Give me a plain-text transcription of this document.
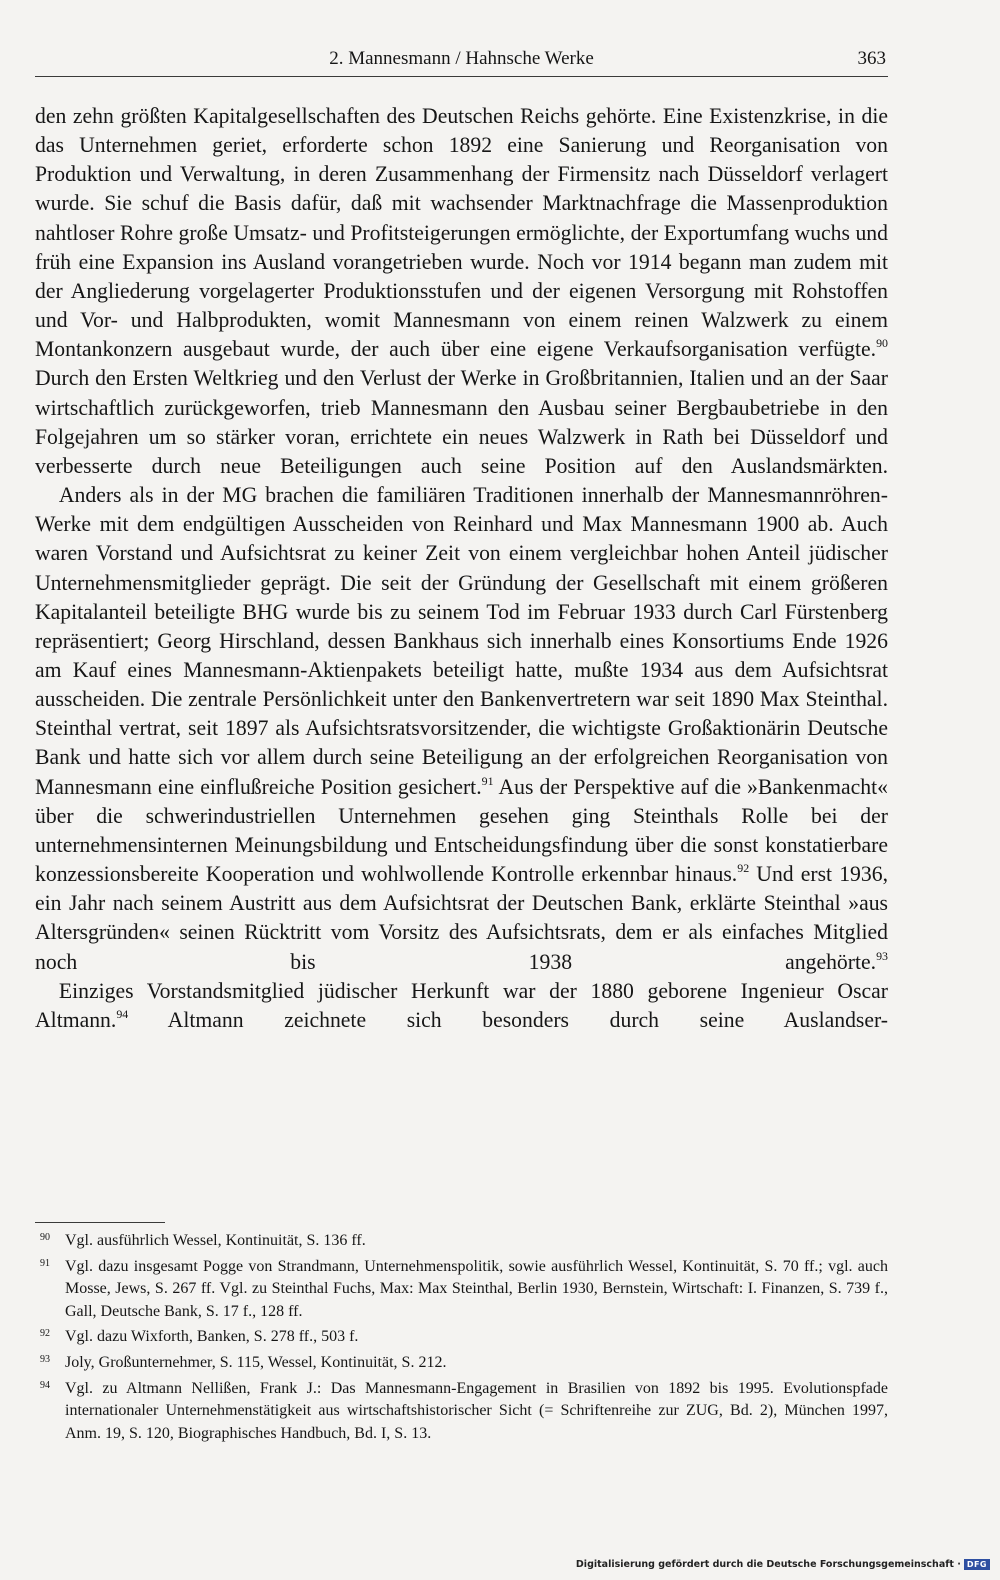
2. Mannesmann / Hahnsche Werke	363

den zehn größten Kapitalgesellschaften des Deutschen Reichs gehörte. Eine Existenzkrise, in die das Unternehmen geriet, erforderte schon 1892 eine Sanierung und Reorganisation von Produktion und Verwaltung, in deren Zusammenhang der Firmensitz nach Düsseldorf verlagert wurde. Sie schuf die Basis dafür, daß mit wachsender Marktnachfrage die Massenproduktion nahtloser Rohre große Umsatz- und Profitsteigerungen ermöglichte, der Exportumfang wuchs und früh eine Expansion ins Ausland vorangetrieben wurde. Noch vor 1914 begann man zudem mit der Angliederung vorgelagerter Produktionsstufen und der eigenen Versorgung mit Rohstoffen und Vor- und Halbprodukten, womit Mannesmann von einem reinen Walzwerk zu einem Montankonzern ausgebaut wurde, der auch über eine eigene Verkaufsorganisation verfügte.$^{90}$ Durch den Ersten Weltkrieg und den Verlust der Werke in Großbritannien, Italien und an der Saar wirtschaftlich zurückgeworfen, trieb Mannesmann den Ausbau seiner Bergbaubetriebe in den Folgejahren um so stärker voran, errichtete ein neues Walzwerk in Rath bei Düsseldorf und verbesserte durch neue Beteiligungen auch seine Position auf den Auslandsmärkten.

Anders als in der MG brachen die familiären Traditionen innerhalb der Mannesmannröhren-Werke mit dem endgültigen Ausscheiden von Reinhard und Max Mannesmann 1900 ab. Auch waren Vorstand und Aufsichtsrat zu keiner Zeit von einem vergleichbar hohen Anteil jüdischer Unternehmensmitglieder geprägt. Die seit der Gründung der Gesellschaft mit einem größeren Kapitalanteil beteiligte BHG wurde bis zu seinem Tod im Februar 1933 durch Carl Fürstenberg repräsentiert; Georg Hirschland, dessen Bankhaus sich innerhalb eines Konsortiums Ende 1926 am Kauf eines Mannesmann-Aktienpakets beteiligt hatte, mußte 1934 aus dem Aufsichtsrat ausscheiden. Die zentrale Persönlichkeit unter den Bankenvertretern war seit 1890 Max Steinthal. Steinthal vertrat, seit 1897 als Aufsichtsratsvorsitzender, die wichtigste Großaktionärin Deutsche Bank und hatte sich vor allem durch seine Beteiligung an der erfolgreichen Reorganisation von Mannesmann eine einflußreiche Position gesichert.$^{91}$ Aus der Perspektive auf die »Bankenmacht« über die schwerindustriellen Unternehmen gesehen ging Steinthals Rolle bei der unternehmensinternen Meinungsbildung und Entscheidungsfindung über die sonst konstatierbare konzessionsbereite Kooperation und wohlwollende Kontrolle erkennbar hinaus.$^{92}$ Und erst 1936, ein Jahr nach seinem Austritt aus dem Aufsichtsrat der Deutschen Bank, erklärte Steinthal »aus Altersgründen« seinen Rücktritt vom Vorsitz des Aufsichtsrats, dem er als einfaches Mitglied noch bis 1938 angehörte.$^{93}$

Einziges Vorstandsmitglied jüdischer Herkunft war der 1880 geborene Ingenieur Oscar Altmann.$^{94}$ Altmann zeichnete sich besonders durch seine Auslandser-

90 Vgl. ausführlich Wessel, Kontinuität, S. 136 ff.
91 Vgl. dazu insgesamt Pogge von Strandmann, Unternehmenspolitik, sowie ausführlich Wessel, Kontinuität, S. 70 ff.; vgl. auch Mosse, Jews, S. 267 ff. Vgl. zu Steinthal Fuchs, Max: Max Steinthal, Berlin 1930, Bernstein, Wirtschaft: I. Finanzen, S. 739 f., Gall, Deutsche Bank, S. 17 f., 128 ff.
92 Vgl. dazu Wixforth, Banken, S. 278 ff., 503 f.
93 Joly, Großunternehmer, S. 115, Wessel, Kontinuität, S. 212.
94 Vgl. zu Altmann Nellißen, Frank J.: Das Mannesmann-Engagement in Brasilien von 1892 bis 1995. Evolutionspfade internationaler Unternehmenstätigkeit aus wirtschaftshistorischer Sicht (= Schriftenreihe zur ZUG, Bd. 2), München 1997, Anm. 19, S. 120, Biographisches Handbuch, Bd. I, S. 13.
Digitalisierung gefördert durch die Deutsche Forschungsgemeinschaft · DFG
